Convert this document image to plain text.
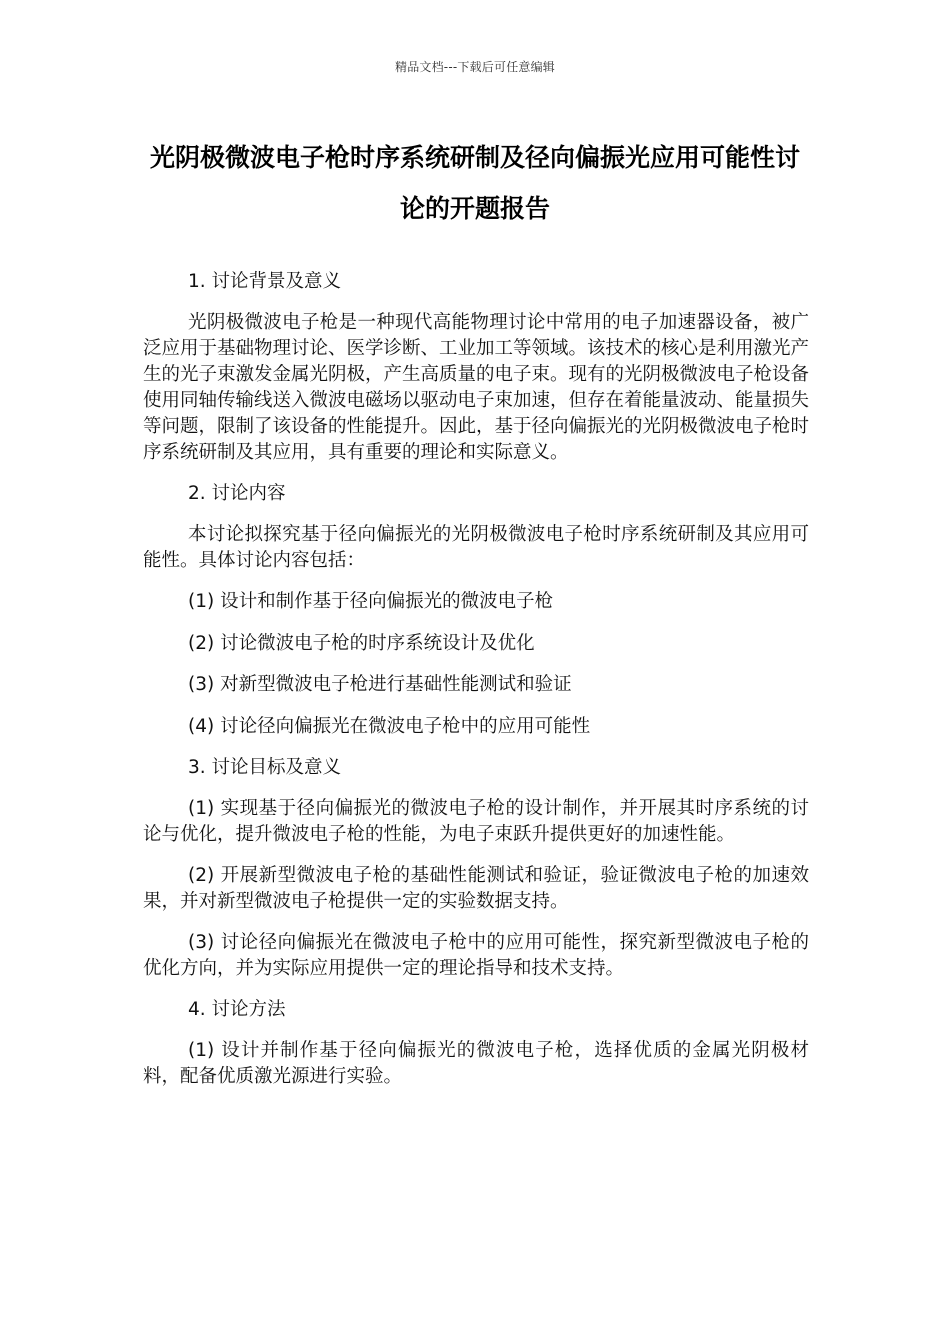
精品文档---下载后可任意编辑
光阴极微波电子枪时序系统研制及径向偏振光应用可能性讨论的开题报告
1. 讨论背景及意义
光阴极微波电子枪是一种现代高能物理讨论中常用的电子加速器设备，被广泛应用于基础物理讨论、医学诊断、工业加工等领域。该技术的核心是利用激光产生的光子束激发金属光阴极，产生高质量的电子束。现有的光阴极微波电子枪设备使用同轴传输线送入微波电磁场以驱动电子束加速，但存在着能量波动、能量损失等问题，限制了该设备的性能提升。因此，基于径向偏振光的光阴极微波电子枪时序系统研制及其应用，具有重要的理论和实际意义。
2. 讨论内容
本讨论拟探究基于径向偏振光的光阴极微波电子枪时序系统研制及其应用可能性。具体讨论内容包括：
(1) 设计和制作基于径向偏振光的微波电子枪
(2) 讨论微波电子枪的时序系统设计及优化
(3) 对新型微波电子枪进行基础性能测试和验证
(4) 讨论径向偏振光在微波电子枪中的应用可能性
3. 讨论目标及意义
(1) 实现基于径向偏振光的微波电子枪的设计制作，并开展其时序系统的讨论与优化，提升微波电子枪的性能，为电子束跃升提供更好的加速性能。
(2) 开展新型微波电子枪的基础性能测试和验证，验证微波电子枪的加速效果，并对新型微波电子枪提供一定的实验数据支持。
(3) 讨论径向偏振光在微波电子枪中的应用可能性，探究新型微波电子枪的优化方向，并为实际应用提供一定的理论指导和技术支持。
4. 讨论方法
(1) 设计并制作基于径向偏振光的微波电子枪，选择优质的金属光阴极材料，配备优质激光源进行实验。
